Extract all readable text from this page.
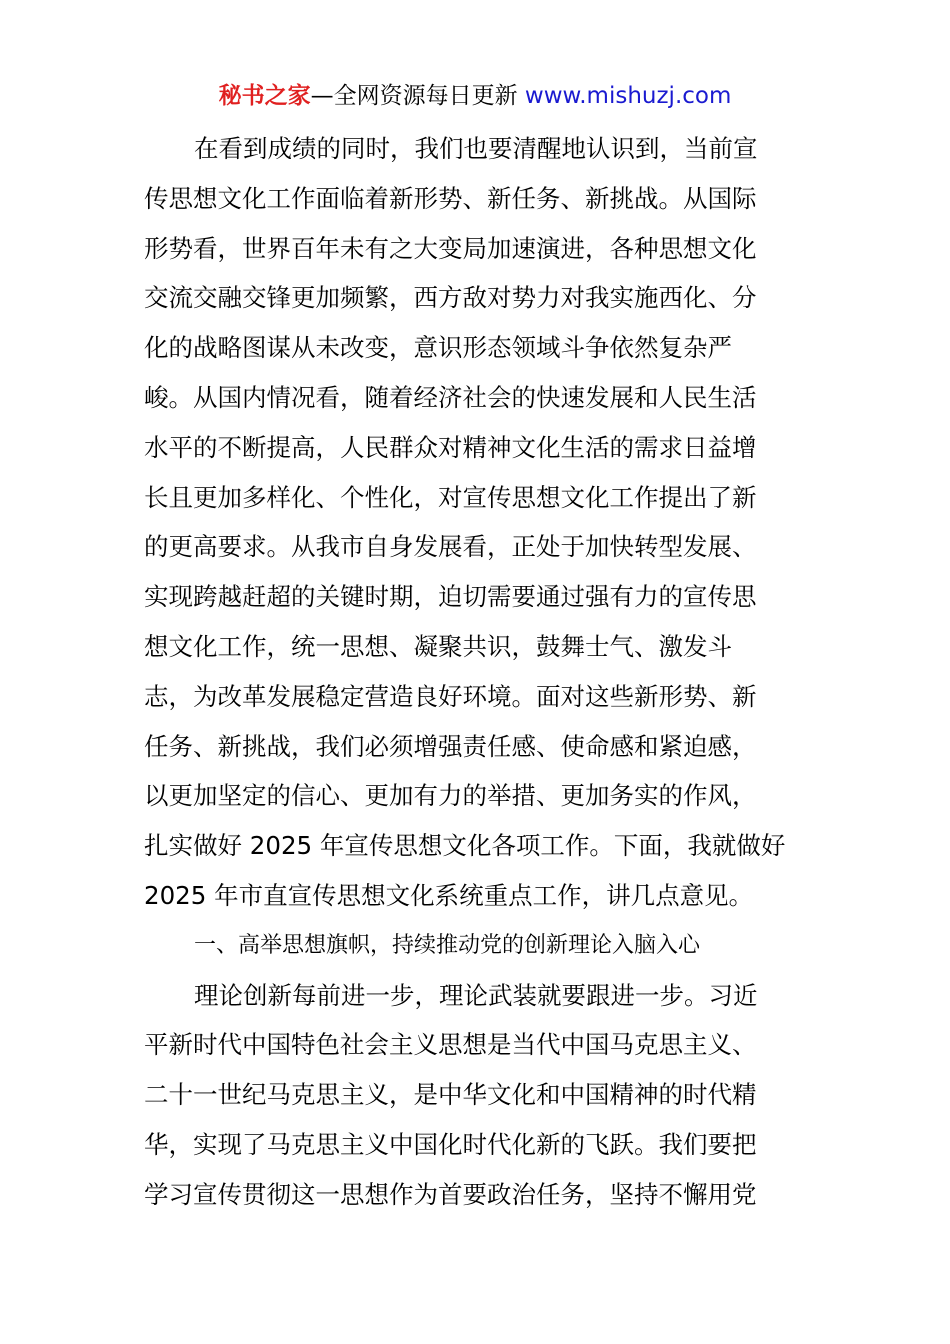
秘书之家—全网资源每日更新 www.mishuzj.com
在看到成绩的同时，我们也要清醒地认识到，当前宣
传思想文化工作面临着新形势、新任务、新挑战。从国际
形势看，世界百年未有之大变局加速演进，各种思想文化
交流交融交锋更加频繁，西方敌对势力对我实施西化、分
化的战略图谋从未改变，意识形态领域斗争依然复杂严
峻。从国内情况看，随着经济社会的快速发展和人民生活
水平的不断提高，人民群众对精神文化生活的需求日益增
长且更加多样化、个性化，对宣传思想文化工作提出了新
的更高要求。从我市自身发展看，正处于加快转型发展、
实现跨越赶超的关键时期，迫切需要通过强有力的宣传思
想文化工作，统一思想、凝聚共识，鼓舞士气、激发斗
志，为改革发展稳定营造良好环境。面对这些新形势、新
任务、新挑战，我们必须增强责任感、使命感和紧迫感，
以更加坚定的信心、更加有力的举措、更加务实的作风，
扎实做好 2025 年宣传思想文化各项工作。下面，我就做好
2025 年市直宣传思想文化系统重点工作，讲几点意见。
一、高举思想旗帜，持续推动党的创新理论入脑入心
理论创新每前进一步，理论武装就要跟进一步。习近
平新时代中国特色社会主义思想是当代中国马克思主义、
二十一世纪马克思主义，是中华文化和中国精神的时代精
华，实现了马克思主义中国化时代化新的飞跃。我们要把
学习宣传贯彻这一思想作为首要政治任务，坚持不懈用党
